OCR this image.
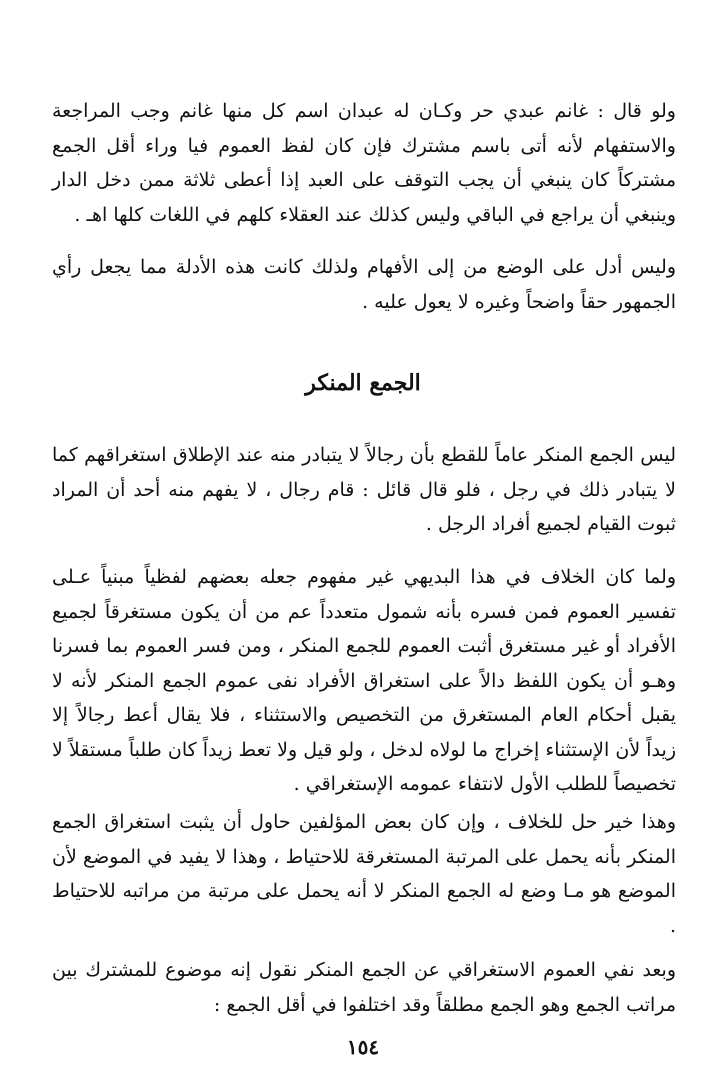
ولو قال : غانم عبدي حر وكـان له عبدان اسم كل منها غانم وجب المراجعة والاستفهام لأنه أتى باسم مشترك فإن كان لفظ العموم فيا وراء أقل الجمع مشتركاً كان ينبغي أن يجب التوقف على العبد إذا أعطى ثلاثة ممن دخل الدار وينبغي أن يراجع في الباقي وليس كذلك عند العقلاء كلهم في اللغات كلها اهـ .

وليس أدل على الوضع من إلى الأفهام ولذلك كانت هذه الأدلة مما يجعل رأي الجمهور حقاً واضحاً وغيره لا يعول عليه .

الجمع المنكر

ليس الجمع المنكر عاماً للقطع بأن رجالاً لا يتبادر منه عند الإطلاق استغراقهم كما لا يتبادر ذلك في رجل ، فلو قال قائل : قام رجال ، لا يفهم منه أحد أن المراد ثبوت القيام لجميع أفراد الرجل .

ولما كان الخلاف في هذا البديهي غير مفهوم جعله بعضهم لفظياً مبنياً عـلى تفسير العموم فمن فسره بأنه شمول متعدداً عم من أن يكون مستغرقاً لجميع الأفراد أو غير مستغرق أثبت العموم للجمع المنكر ، ومن فسر العموم بما فسرنا وهـو أن يكون اللفظ دالاً على استغراق الأفراد نفى عموم الجمع المنكر لأنه لا يقبل أحكام العام المستغرق من التخصيص والاستثناء ، فلا يقال أعط رجالاً إلا زيداً لأن الإستثناء إخراج ما لولاه لدخل ، ولو قيل ولا تعط زيداً كان طلباً مستقلاً لا تخصيصاً للطلب الأول لانتفاء عمومه الإستغراقي .

وهذا خير حل للخلاف ، وإن كان بعض المؤلفين حاول أن يثبت استغراق الجمع المنكر بأنه يحمل على المرتبة المستغرقة للاحتياط ، وهذا لا يفيد في الموضع لأن الموضع هو مـا وضع له الجمع المنكر لا أنه يحمل على مرتبة من مراتبه للاحتياط .

وبعد نفي العموم الاستغراقي عن الجمع المنكر نقول إنه موضوع للمشترك بين مراتب الجمع وهو الجمع مطلقاً وقد اختلفوا في أقل الجمع :

١٥٤
